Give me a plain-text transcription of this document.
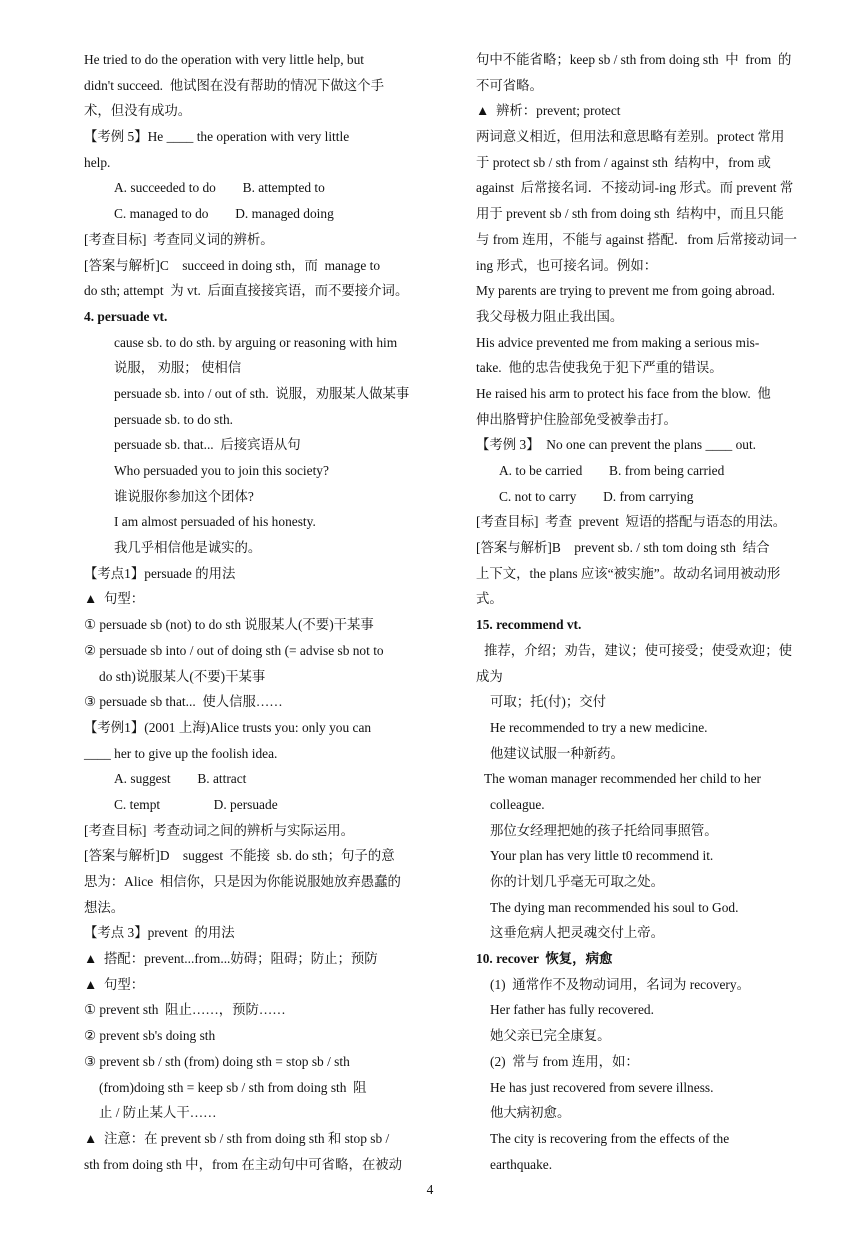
He tried to do the operation with very little help, but
didn't succeed.  他试图在没有帮助的情况下做这个手
术，但没有成功。
【考例 5】He ____ the operation with very little
help.
A. succeeded to do        B. attempted to
C. managed to do        D. managed doing
[考查目标]  考查同义词的辨析。
[答案与解析]C    succeed in doing sth，而  manage to
do sth; attempt  为 vt.  后面直接接宾语，而不要接介词。
4. persuade vt.
cause sb. to do sth. by arguing or reasoning with him
说服， 劝服； 使相信
persuade sb. into / out of sth.  说服，劝服某人做某事
persuade sb. to do sth.
persuade sb. that...  后接宾语从句
Who persuaded you to join this society?
谁说服你参加这个团体?
I am almost persuaded of his honesty.
我几乎相信他是诚实的。
【考点1】persuade 的用法
▲  句型：
① persuade sb (not) to do sth 说服某人(不要)干某事
② persuade sb into / out of doing sth (= advise sb not to
do sth)说服某人(不要)干某事
③ persuade sb that...  使人信服……
【考例1】(2001 上海)Alice trusts you: only you can
____ her to give up the foolish idea.
A. suggest        B. attract
C. tempt                D. persuade
[考查目标]  考查动词之间的辨析与实际运用。
[答案与解析]D    suggest  不能接  sb. do sth；句子的意
思为：Alice  相信你，只是因为你能说服她放弃愚蠢的
想法。
【考点 3】prevent  的用法
▲  搭配：prevent...from...妨碍；阻碍；防止；预防
▲  句型：
① prevent sth  阻止……，预防……
② prevent sb's doing sth
③ prevent sb / sth (from) doing sth = stop sb / sth
(from)doing sth = keep sb / sth from doing sth  阻
止 / 防止某人干……
▲  注意：在 prevent sb / sth from doing sth 和 stop sb /
sth from doing sth 中，from 在主动句中可省略，在被动
句中不能省略；keep sb / sth from doing sth  中  from  的
不可省略。
▲  辨析：prevent; protect
两词意义相近，但用法和意思略有差别。protect 常用
于 protect sb / sth from / against sth  结构中，from 或
against  后常接名词．不接动词-ing 形式。而 prevent 常
用于 prevent sb / sth from doing sth  结构中，而且只能
与 from 连用，不能与 against 搭配．from 后常接动词一
ing 形式，也可接名词。例如：
My parents are trying to prevent me from going abroad.
我父母极力阻止我出国。
His advice prevented me from making a serious mis-
take.  他的忠告使我免于犯下严重的错误。
He raised his arm to protect his face from the blow.  他
伸出胳臂护住脸部免受被拳击打。
【考例 3】  No one can prevent the plans ____ out.
A. to be carried        B. from being carried
C. not to carry        D. from carrying
[考查目标]  考查  prevent  短语的搭配与语态的用法。
[答案与解析]B    prevent sb. / sth tom doing sth  结合
上下文，the plans 应该“被实施”。故动名词用被动形
式。
15. recommend vt.
推荐，介绍；劝告，建议；使可接受；使受欢迎；使
成为
可取；托(付)；交付
He recommended to try a new medicine.
他建议试服一种新药。
The woman manager recommended her child to her
colleague.
那位女经理把她的孩子托给同事照管。
Your plan has very little t0 recommend it.
你的计划几乎毫无可取之处。
The dying man recommended his soul to God.
这垂危病人把灵魂交付上帝。
10. recover  恢复，病愈
(1)  通常作不及物动词用，名词为 recovery。
Her father has fully recovered.
她父亲已完全康复。
(2)  常与 from 连用，如：
He has just recovered from severe illness.
他大病初愈。
The city is recovering from the effects of the
earthquake.
4
